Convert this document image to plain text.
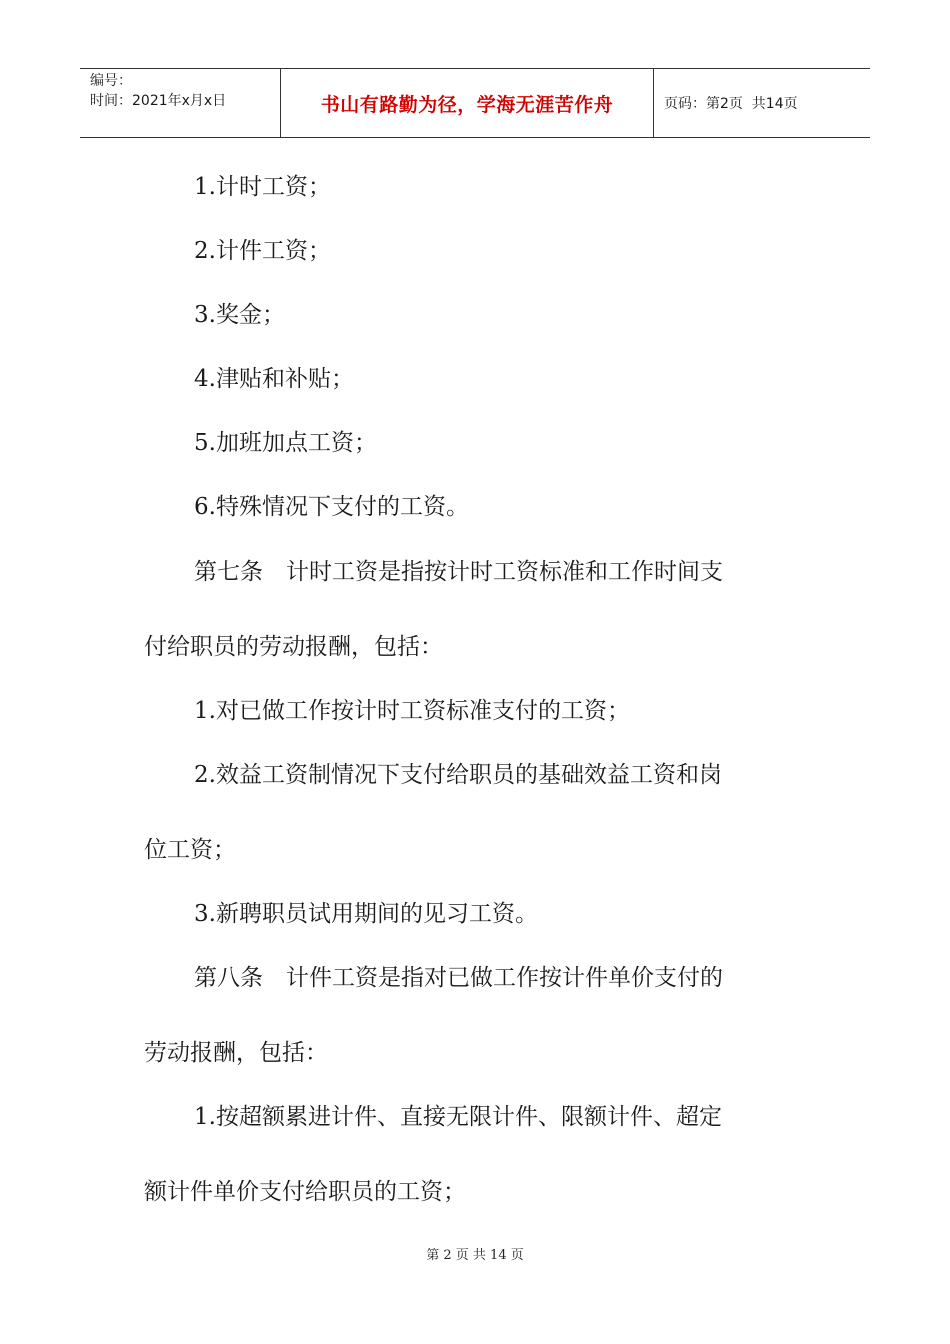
编号：
时间：2021年x月x日	书山有路勤为径，学海无涯苦作舟	页码：第2页  共14页
1.计时工资；
2.计件工资；
3.奖金；
4.津贴和补贴；
5.加班加点工资；
6.特殊情况下支付的工资。
第七条　计时工资是指按计时工资标准和工作时间支
付给职员的劳动报酬，包括：
1.对已做工作按计时工资标准支付的工资；
2.效益工资制情况下支付给职员的基础效益工资和岗
位工资；
3.新聘职员试用期间的见习工资。
第八条　计件工资是指对已做工作按计件单价支付的
劳动报酬，包括：
1.按超额累进计件、直接无限计件、限额计件、超定
额计件单价支付给职员的工资；
第 2 页 共 14 页
